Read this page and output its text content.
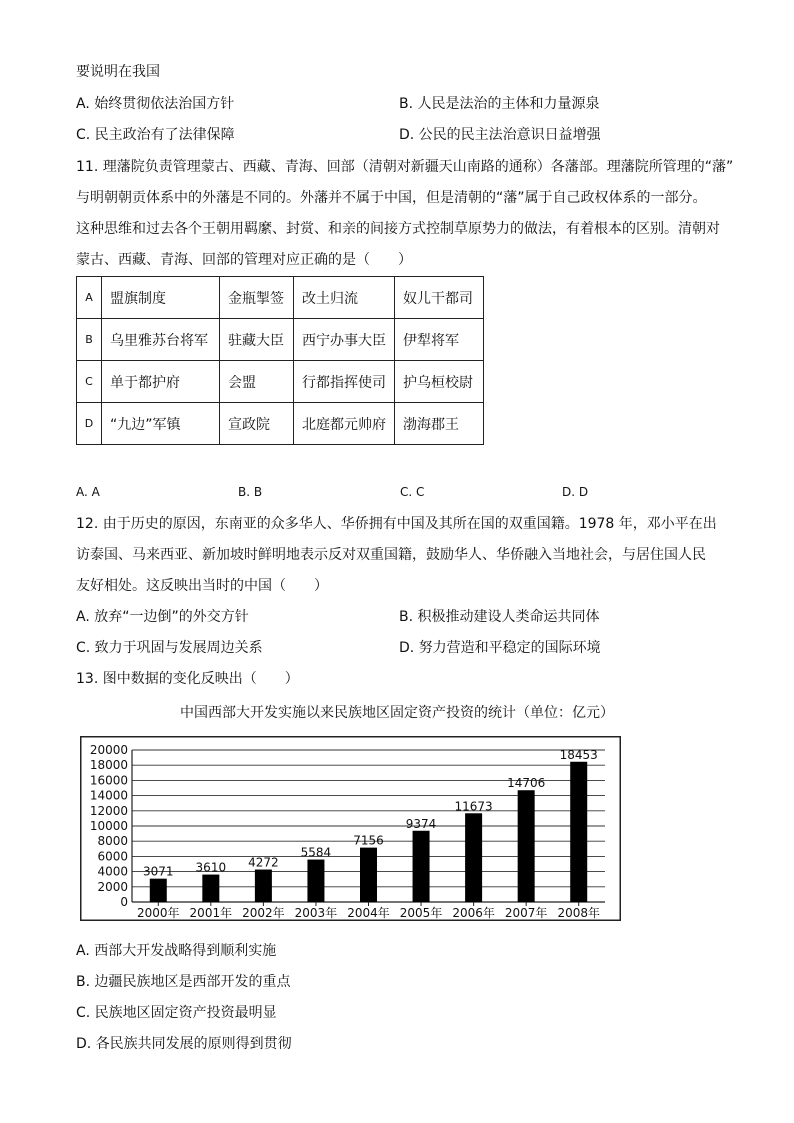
要说明在我国
A. 始终贯彻依法治国方针	B. 人民是法治的主体和力量源泉
C. 民主政治有了法律保障	D. 公民的民主法治意识日益增强
11. 理藩院负责管理蒙古、西藏、青海、回部（清朝对新疆天山南路的通称）各藩部。理藩院所管理的“藩”
与明朝朝贡体系中的外藩是不同的。外藩并不属于中国，但是清朝的“藩”属于自己政权体系的一部分。
这种思维和过去各个王朝用羁縻、封赏、和亲的间接方式控制草原势力的做法，有着根本的区别。清朝对
蒙古、西藏、青海、回部的管理对应正确的是（　　）
A	盟旗制度	金瓶掣签	改土归流	奴儿干都司
B	乌里雅苏台将军	驻藏大臣	西宁办事大臣	伊犁将军
C	单于都护府	会盟	行都指挥使司	护乌桓校尉
D	“九边”军镇	宣政院	北庭都元帅府	渤海郡王
A. A	B. B	C. C	D. D
12. 由于历史的原因，东南亚的众多华人、华侨拥有中国及其所在国的双重国籍。1978 年，邓小平在出
访泰国、马来西亚、新加坡时鲜明地表示反对双重国籍，鼓励华人、华侨融入当地社会，与居住国人民
友好相处。这反映出当时的中国（　　）
A. 放弃“一边倒”的外交方针	B. 积极推动建设人类命运共同体
C. 致力于巩固与发展周边关系	D. 努力营造和平稳定的国际环境
13. 图中数据的变化反映出（　　）
中国西部大开发实施以来民族地区固定资产投资的统计（单位：亿元）
0
2000
4000
6000
8000
10000
12000
14000
16000
18000
20000
3071
2000年
3610
2001年
4272
2002年
5584
2003年
7156
2004年
9374
2005年
11673
2006年
14706
2007年
18453
2008年
A. 西部大开发战略得到顺利实施
B. 边疆民族地区是西部开发的重点
C. 民族地区固定资产投资最明显
D. 各民族共同发展的原则得到贯彻
